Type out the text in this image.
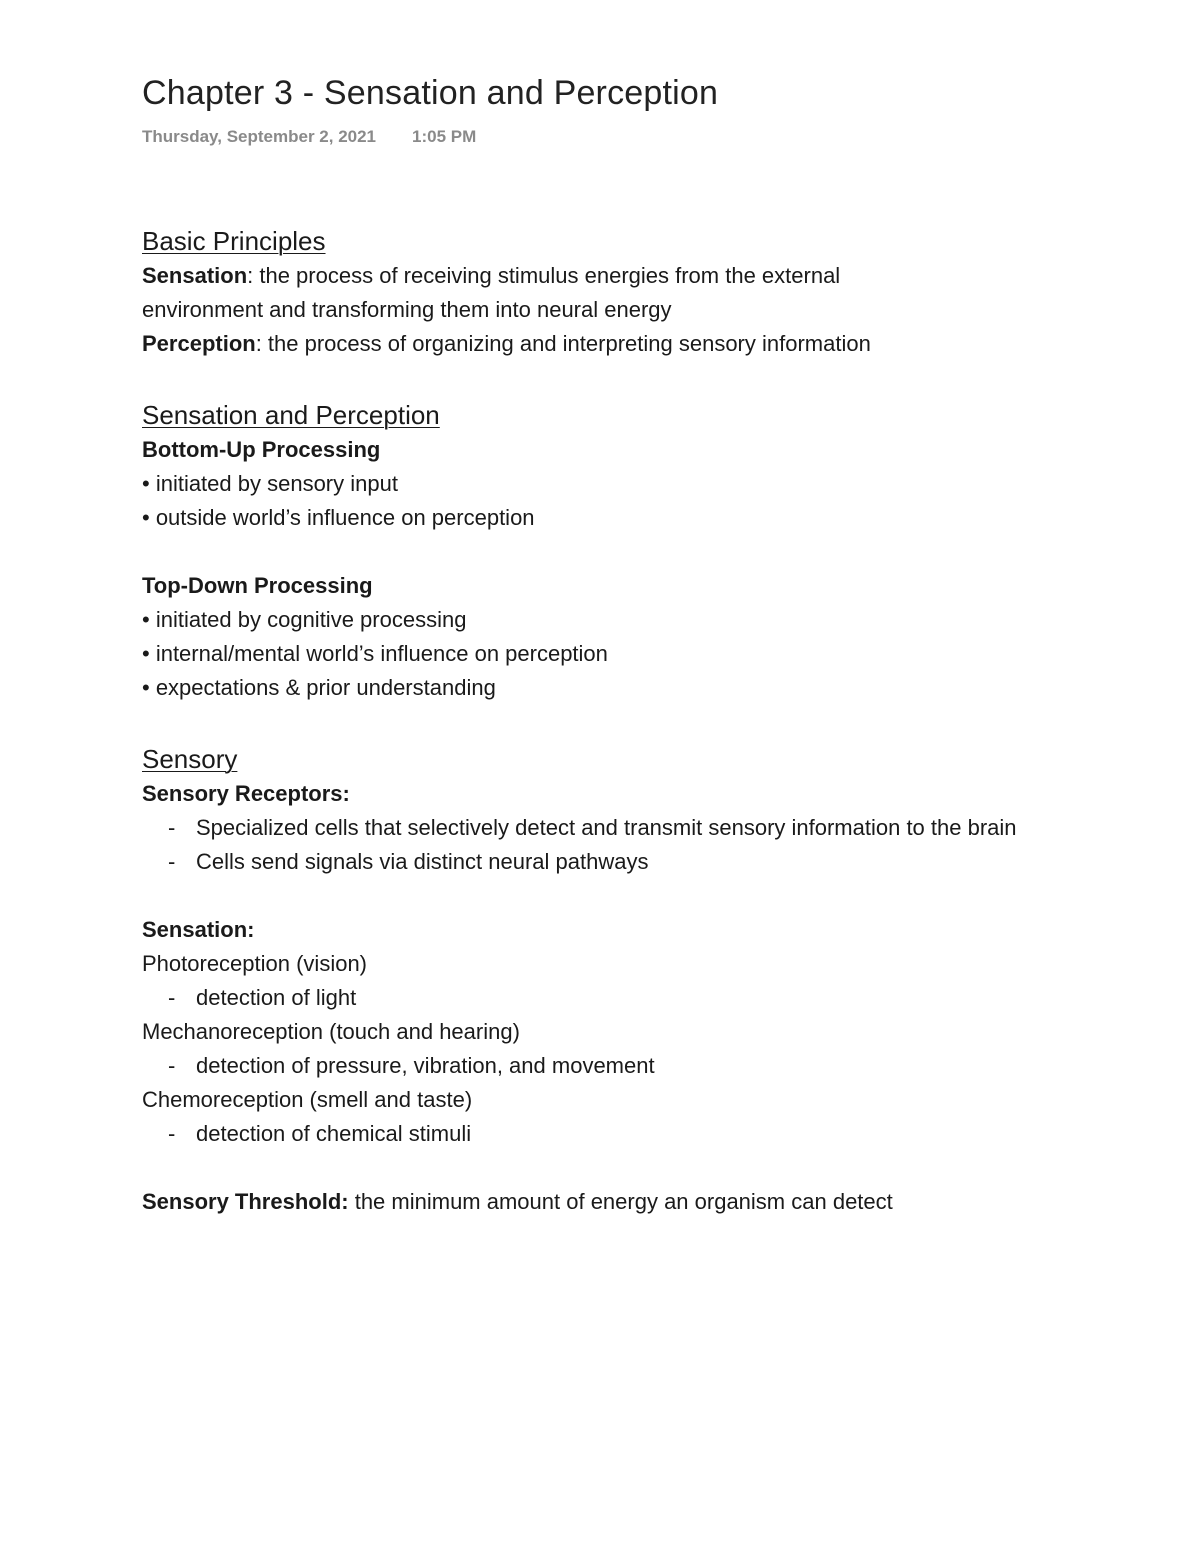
Chapter 3 - Sensation and Perception
Thursday, September 2, 2021 1:05 PM
Basic Principles
Sensation: the process of receiving stimulus energies from the external
environment and transforming them into neural energy
Perception: the process of organizing and interpreting sensory information
Sensation and Perception
Bottom-Up Processing
• initiated by sensory input
• outside world’s influence on perception
Top-Down Processing
• initiated by cognitive processing
• internal/mental world’s influence on perception
• expectations & prior understanding
Sensory
Sensory Receptors:
- Specialized cells that selectively detect and transmit sensory information to the brain
- Cells send signals via distinct neural pathways
Sensation:
Photoreception (vision)
- detection of light
Mechanoreception (touch and hearing)
- detection of pressure, vibration, and movement
Chemoreception (smell and taste)
- detection of chemical stimuli
Sensory Threshold: the minimum amount of energy an organism can detect
